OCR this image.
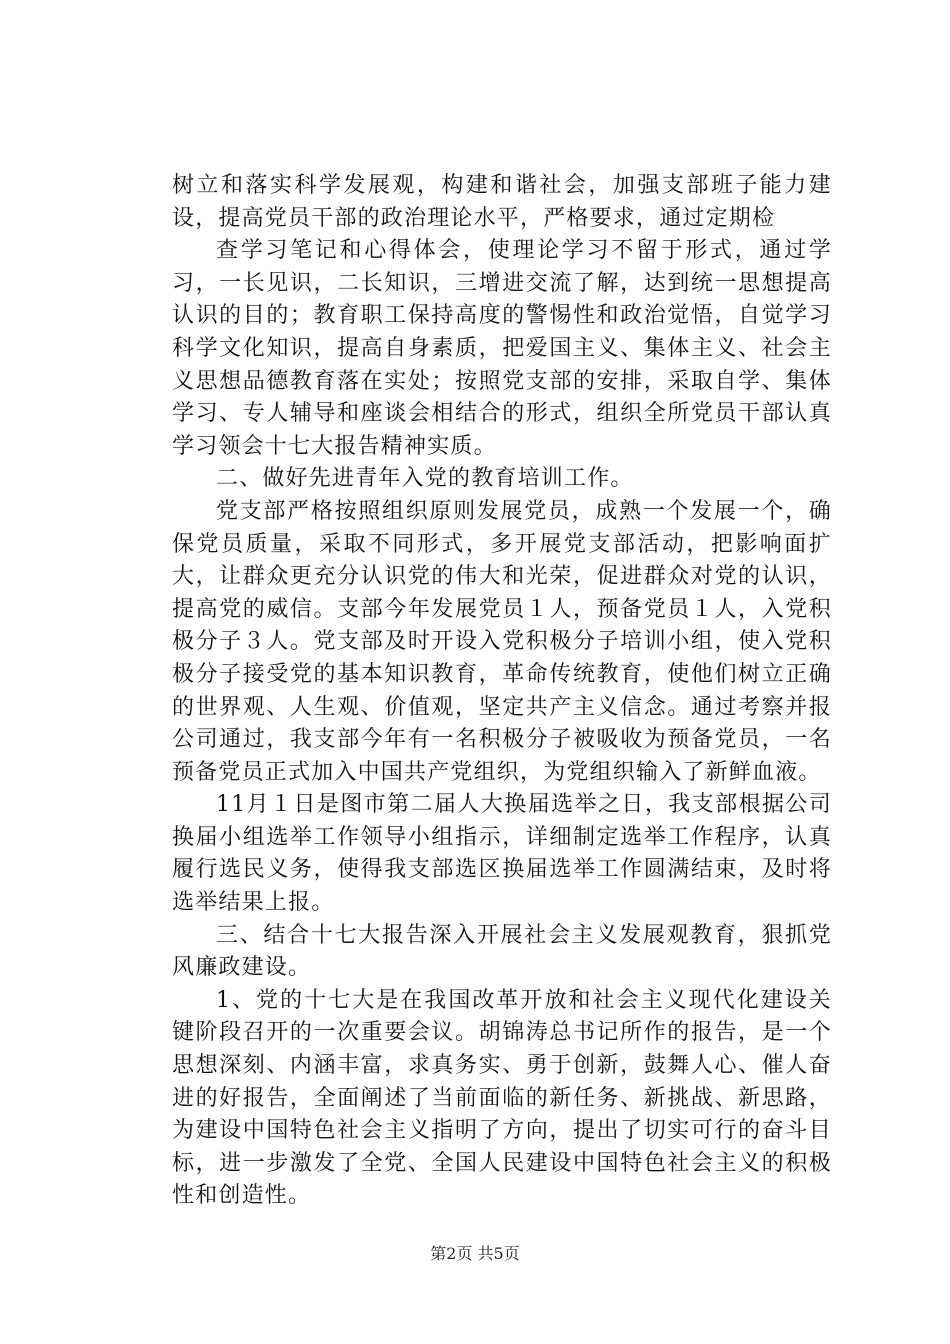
树立和落实科学发展观，构建和谐社会，加强支部班子能力建设，提高党员干部的政治理论水平，严格要求，通过定期检

查学习笔记和心得体会，使理论学习不留于形式，通过学习，一长见识，二长知识，三增进交流了解，达到统一思想提高认识的目的；教育职工保持高度的警惕性和政治觉悟，自觉学习科学文化知识，提高自身素质，把爱国主义、集体主义、社会主义思想品德教育落在实处；按照党支部的安排，采取自学、集体学习、专人辅导和座谈会相结合的形式，组织全所党员干部认真学习领会十七大报告精神实质。

二、做好先进青年入党的教育培训工作。

党支部严格按照组织原则发展党员，成熟一个发展一个，确保党员质量，采取不同形式，多开展党支部活动，把影响面扩大，让群众更充分认识党的伟大和光荣，促进群众对党的认识，提高党的威信。支部今年发展党员１人，预备党员１人，入党积极分子３人。党支部及时开设入党积极分子培训小组，使入党积极分子接受党的基本知识教育，革命传统教育，使他们树立正确的世界观、人生观、价值观，坚定共产主义信念。通过考察并报公司通过，我支部今年有一名积极分子被吸收为预备党员，一名预备党员正式加入中国共产党组织，为党组织输入了新鲜血液。

11月１日是图市第二届人大换届选举之日，我支部根据公司换届小组选举工作领导小组指示，详细制定选举工作程序，认真履行选民义务，使得我支部选区换届选举工作圆满结束，及时将选举结果上报。

三、结合十七大报告深入开展社会主义发展观教育，狠抓党风廉政建设。

1、党的十七大是在我国改革开放和社会主义现代化建设关键阶段召开的一次重要会议。胡锦涛总书记所作的报告，是一个思想深刻、内涵丰富，求真务实、勇于创新，鼓舞人心、催人奋进的好报告，全面阐述了当前面临的新任务、新挑战、新思路，为建设中国特色社会主义指明了方向，提出了切实可行的奋斗目标，进一步激发了全党、全国人民建设中国特色社会主义的积极性和创造性。

第2页 共5页
